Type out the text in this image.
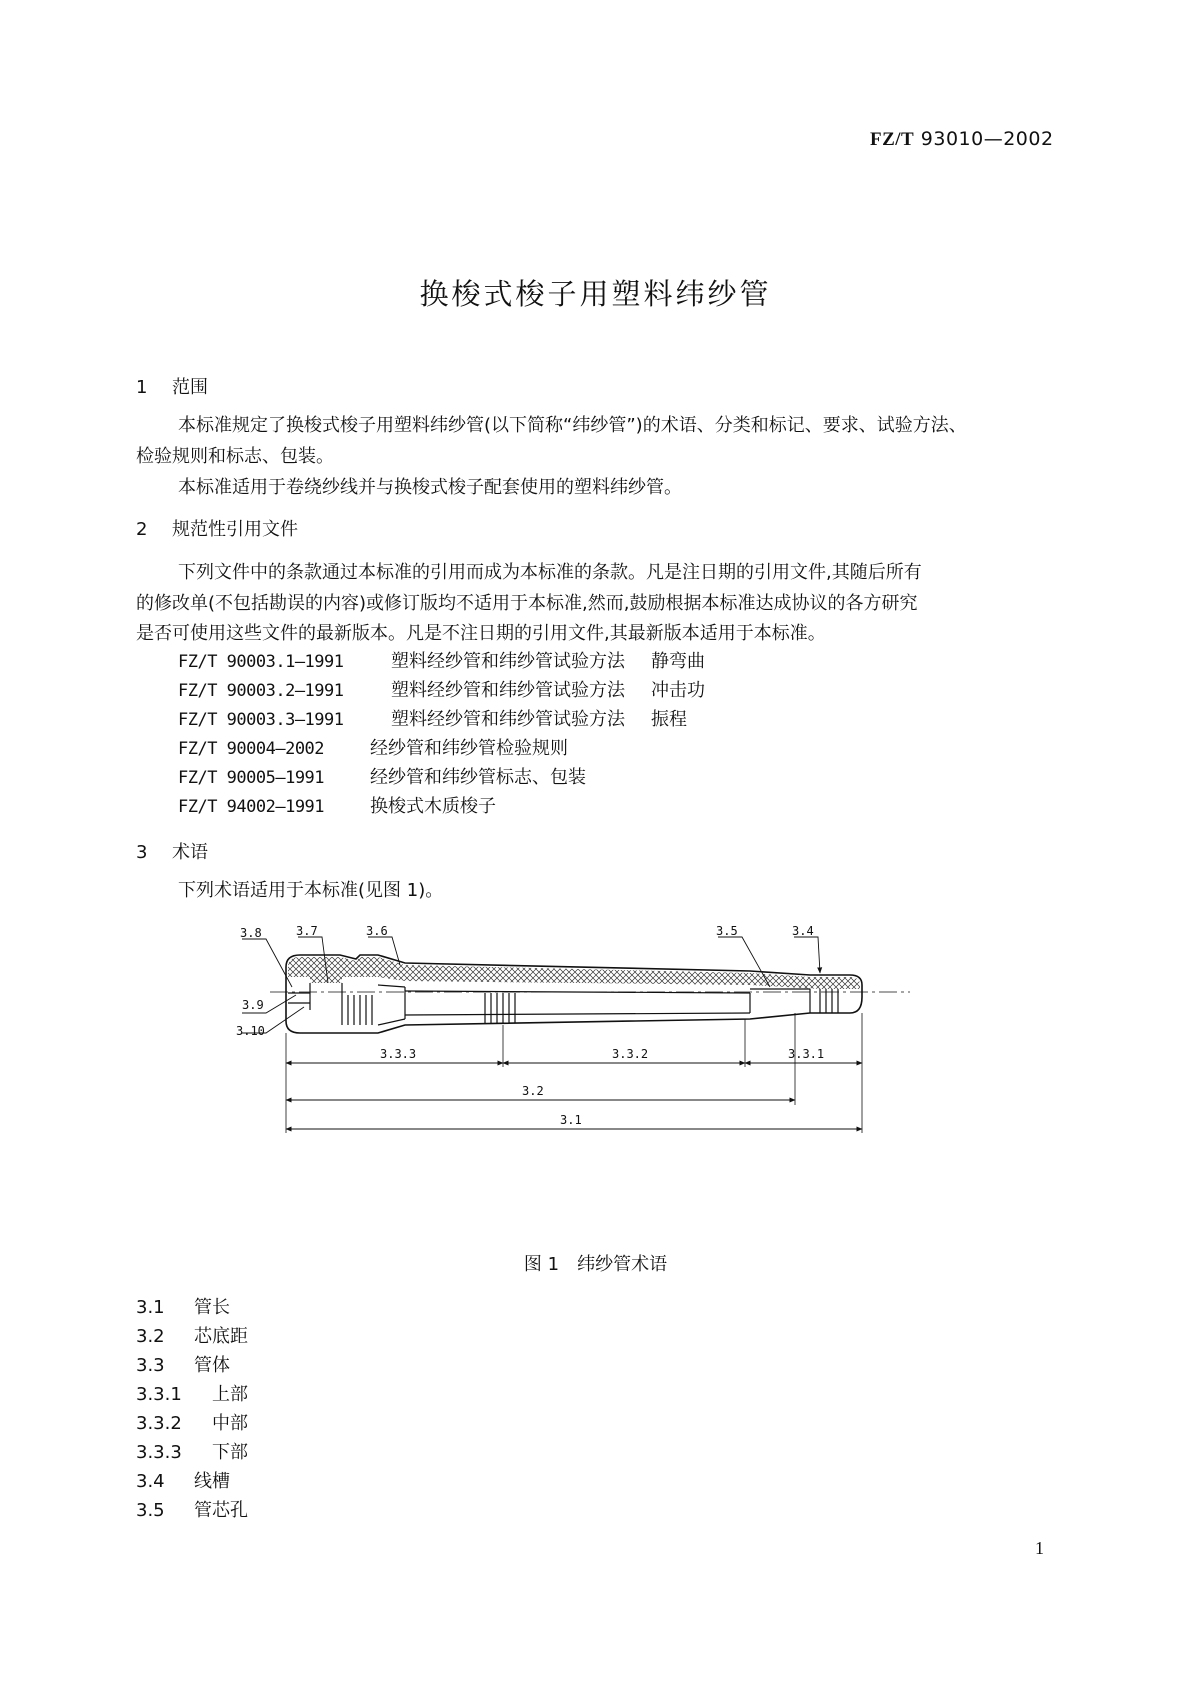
FZ/T 93010—2002
换梭式梭子用塑料纬纱管
1 范围
本标准规定了换梭式梭子用塑料纬纱管(以下简称“纬纱管”)的术语、分类和标记、要求、试验方法、
检验规则和标志、包装。
本标准适用于卷绕纱线并与换梭式梭子配套使用的塑料纬纱管。
2 规范性引用文件
下列文件中的条款通过本标准的引用而成为本标准的条款。凡是注日期的引用文件,其随后所有
的修改单(不包括勘误的内容)或修订版均不适用于本标准,然而,鼓励根据本标准达成协议的各方研究
是否可使用这些文件的最新版本。凡是不注日期的引用文件,其最新版本适用于本标准。
FZ/T 90003.1—1991	塑料经纱管和纬纱管试验方法 静弯曲
FZ/T 90003.2—1991	塑料经纱管和纬纱管试验方法 冲击功
FZ/T 90003.3—1991	塑料经纱管和纬纱管试验方法 振程
FZ/T 90004—2002	经纱管和纬纱管检验规则
FZ/T 90005—1991	经纱管和纬纱管标志、包装
FZ/T 94002—1991	换梭式木质梭子
3 术语
下列术语适用于本标准(见图 1)。
3.8	3.7	3.6	3.5	3.4
3.9
3.10
3.3.3	3.3.2	3.3.1
3.2
3.1
图 1　纬纱管术语
3.1 管长
3.2 芯底距
3.3 管体
3.3.1 上部
3.3.2 中部
3.3.3 下部
3.4 线槽
3.5 管芯孔
1
